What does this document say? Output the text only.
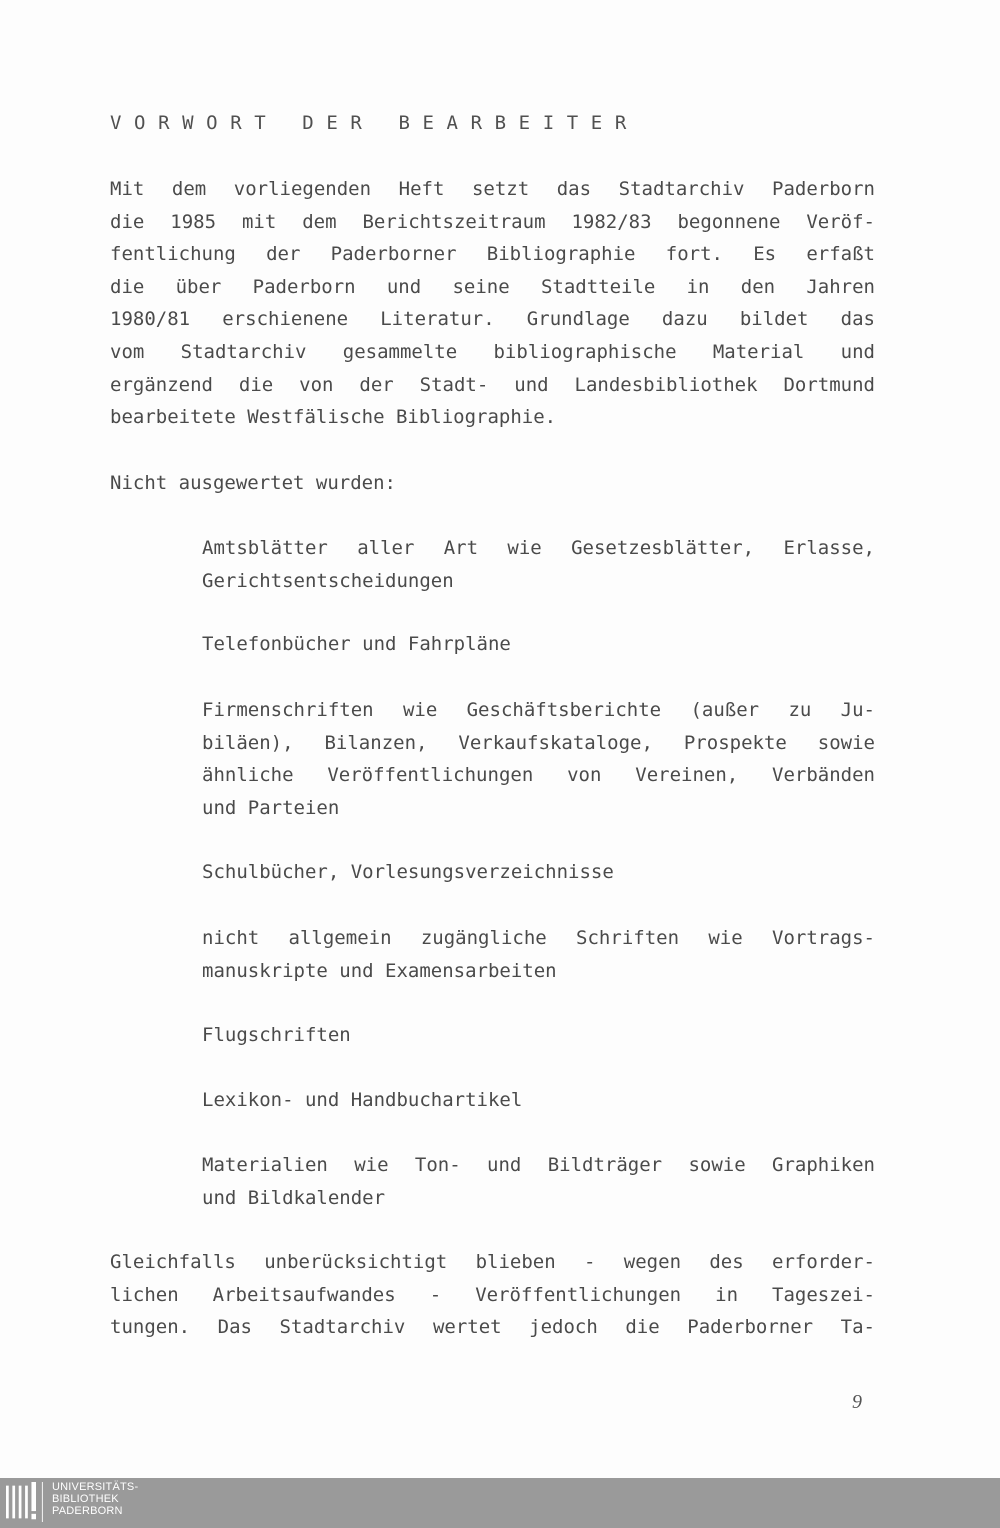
VORWORT DER BEARBEITER
Mit dem vorliegenden Heft setzt das Stadtarchiv Paderborn
die 1985 mit dem Berichtszeitraum 1982/83 begonnene Veröf-
fentlichung der Paderborner Bibliographie fort. Es erfaßt
die über Paderborn und seine Stadtteile in den Jahren
1980/81 erschienene Literatur. Grundlage dazu bildet das
vom Stadtarchiv gesammelte bibliographische Material und
ergänzend die von der Stadt- und Landesbibliothek Dortmund
bearbeitete Westfälische Bibliographie.
Nicht ausgewertet wurden:
Amtsblätter aller Art wie Gesetzesblätter, Erlasse,
Gerichtsentscheidungen
Telefonbücher und Fahrpläne
Firmenschriften wie Geschäftsberichte (außer zu Ju-
biläen), Bilanzen, Verkaufskataloge, Prospekte sowie
ähnliche Veröffentlichungen von Vereinen, Verbänden
und Parteien
Schulbücher, Vorlesungsverzeichnisse
nicht allgemein zugängliche Schriften wie Vortrags-
manuskripte und Examensarbeiten
Flugschriften
Lexikon- und Handbuchartikel
Materialien wie Ton- und Bildträger sowie Graphiken
und Bildkalender
Gleichfalls unberücksichtigt blieben - wegen des erforder-
lichen Arbeitsaufwandes - Veröffentlichungen in Tageszei-
tungen. Das Stadtarchiv wertet jedoch die Paderborner Ta-
9
UNIVERSITÄTS-
BIBLIOTHEK
PADERBORN
